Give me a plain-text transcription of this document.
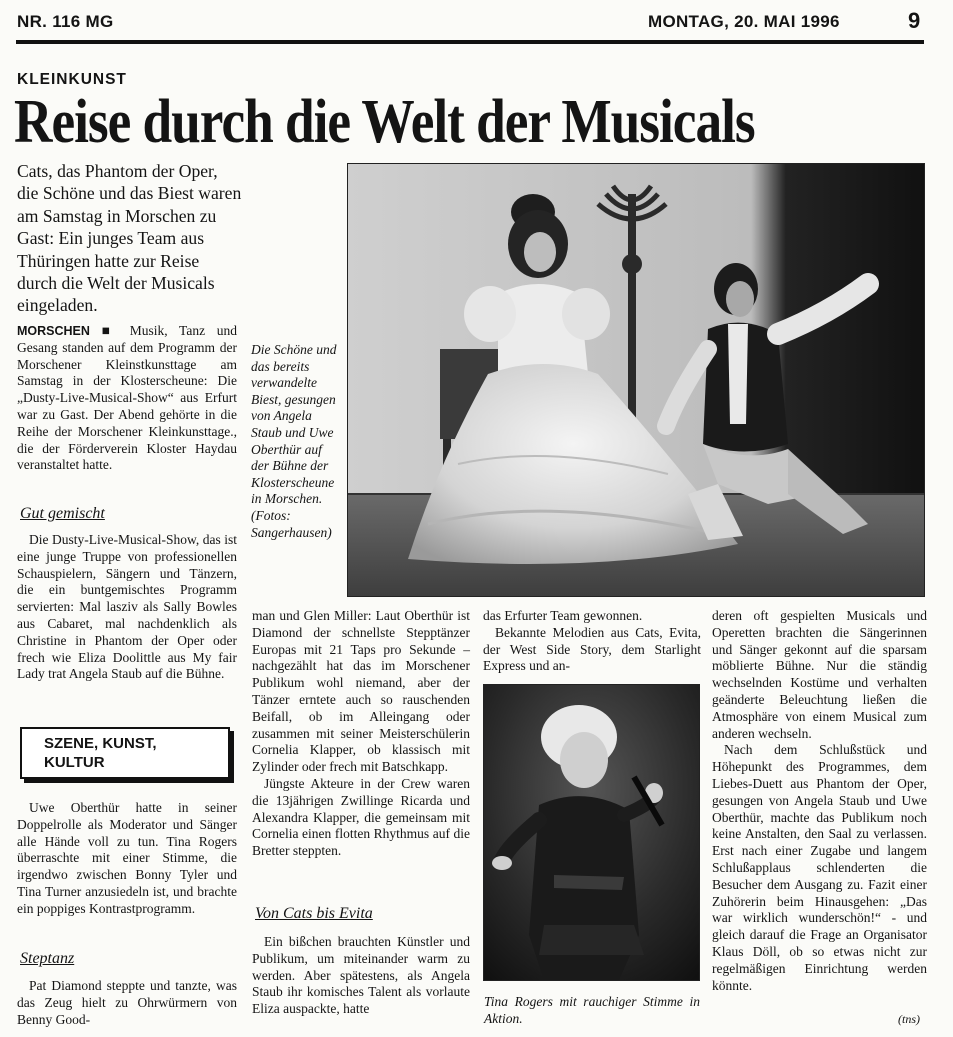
NR. 116 MG	MONTAG, 20. MAI 1996	9
KLEINKUNST
Reise durch die Welt der Musicals
Cats, das Phantom der Oper, die Schöne und das Biest waren am Samstag in Morschen zu Gast: Ein junges Team aus Thüringen hatte zur Reise durch die Welt der Musicals eingeladen.

MORSCHEN ■ Musik, Tanz und Gesang standen auf dem Programm der Morschener Kleinstkunsttage am Samstag in der Klosterscheune: Die „Dusty-Live-Musical-Show“ aus Erfurt war zu Gast. Der Abend gehörte in die Reihe der Morschener Kleinkunsttage., die der Förderverein Kloster Haydau veranstaltet hatte.

Gut gemischt

Die Dusty-Live-Musical-Show, das ist eine junge Truppe von professionellen Schauspielern, Sängern und Tänzern, die ein buntgemischtes Programm servierten: Mal lasziv als Sally Bowles aus Cabaret, mal nachdenklich als Christine in Phantom der Oper oder frech wie Eliza Doolittle aus My fair Lady trat Angela Staub auf die Bühne.

SZENE, KUNST, KULTUR

Uwe Oberthür hatte in seiner Doppelrolle als Moderator und Sänger alle Hände voll zu tun. Tina Rogers überraschte mit einer Stimme, die irgendwo zwischen Bonny Tyler und Tina Turner anzusiedeln ist, und brachte ein poppiges Kontrastprogramm.

Steptanz

Pat Diamond steppte und tanzte, was das Zeug hielt zu Ohrwürmern von Benny Good-

Die Schöne und das bereits verwandelte Biest, gesungen von Angela Staub und Uwe Oberthür auf der Bühne der Klosterscheune in Morschen. (Fotos: Sangerhausen)

man und Glen Miller: Laut Oberthür ist Diamond der schnellste Stepptänzer Europas mit 21 Taps pro Sekunde – nachgezählt hat das im Morschener Publikum wohl niemand, aber der Tänzer erntete auch so rauschenden Beifall, ob im Alleingang oder zusammen mit seiner Meisterschülerin Cornelia Klapper, ob klassisch mit Zylinder oder frech mit Batschkapp.

Jüngste Akteure in der Crew waren die 13jährigen Zwillinge Ricarda und Alexandra Klapper, die gemeinsam mit Cornelia einen flotten Rhythmus auf die Bretter steppten.

Von Cats bis Evita

Ein bißchen brauchten Künstler und Publikum, um miteinander warm zu werden. Aber spätestens, als Angela Staub ihr komisches Talent als vorlaute Eliza auspackte, hatte

das Erfurter Team gewonnen.

Bekannte Melodien aus Cats, Evita, der West Side Story, dem Starlight Express und an-

Tina Rogers mit rauchiger Stimme in Aktion.

deren oft gespielten Musicals und Operetten brachten die Sängerinnen und Sänger gekonnt auf die sparsam möblierte Bühne. Nur die ständig wechselnden Kostüme und verhalten geänderte Beleuchtung ließen die Atmosphäre von einem Musical zum anderen wechseln.

Nach dem Schlußstück und Höhepunkt des Programmes, dem Liebes-Duett aus Phantom der Oper, gesungen von Angela Staub und Uwe Oberthür, machte das Publikum noch keine Anstalten, den Saal zu verlassen. Erst nach einer Zugabe und langem Schlußapplaus schlenderten die Besucher dem Ausgang zu. Fazit einer Zuhörerin beim Hinausgehen: „Das war wirklich wunderschön!“ - und gleich darauf die Frage an Organisator Klaus Döll, ob so etwas nicht zur regelmäßigen Einrichtung werden könnte.

(tns)
